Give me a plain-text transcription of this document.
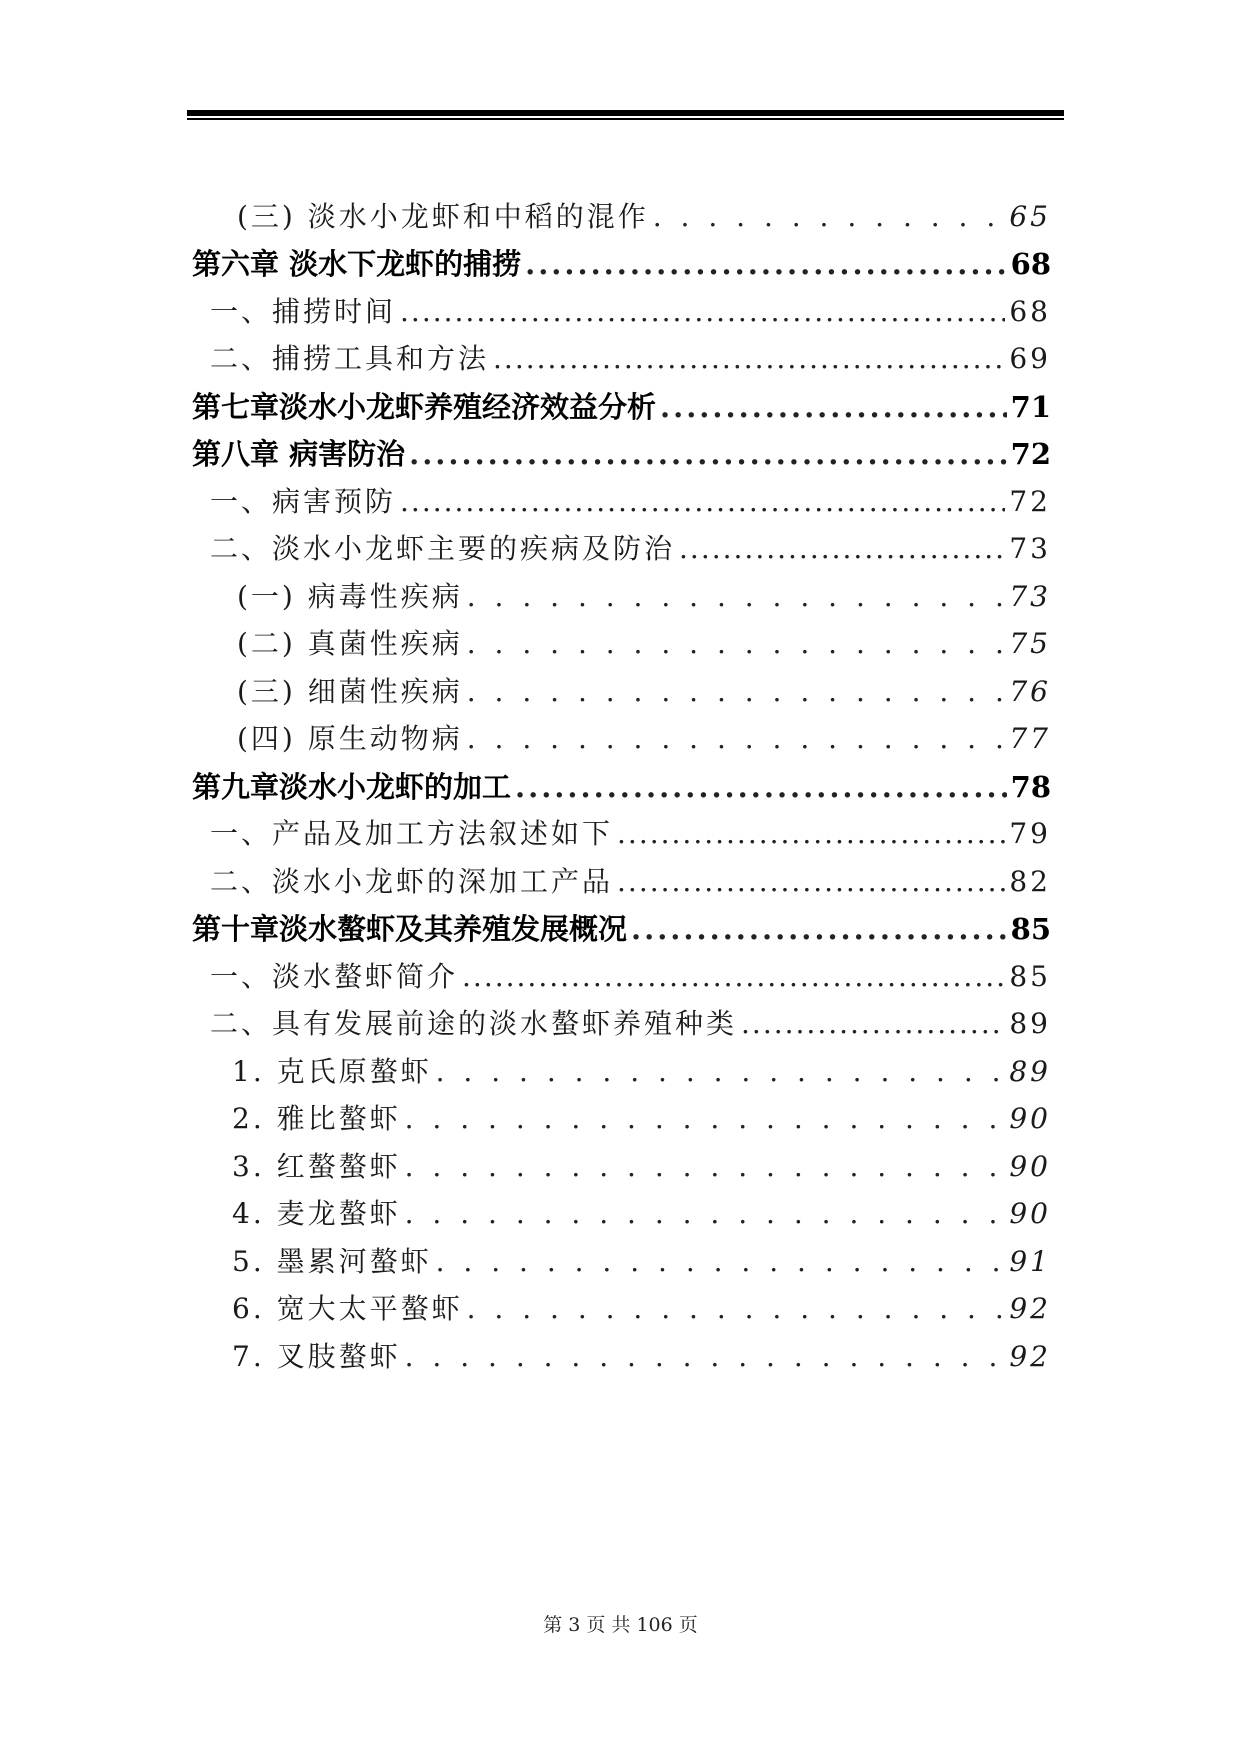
(三) 淡水小龙虾和中稻的混作 . . .	65
第六章 淡水下龙虾的捕捞 .....	68
一、捕捞时间 .....	68
二、捕捞工具和方法 .....	69
第七章淡水小龙虾养殖经济效益分析 .....	71
第八章 病害防治 .....	72
一、病害预防 .....	72
二、淡水小龙虾主要的疾病及防治 .....	73
(一) 病毒性疾病 . . .	73
(二) 真菌性疾病 . . .	75
(三) 细菌性疾病 . . .	76
(四) 原生动物病 . . .	77
第九章淡水小龙虾的加工 .....	78
一、产品及加工方法叙述如下 .....	79
二、淡水小龙虾的深加工产品 .....	82
第十章淡水螯虾及其养殖发展概况 .....	85
一、淡水螯虾简介 .....	85
二、具有发展前途的淡水螯虾养殖种类 .....	89
1. 克氏原螯虾 . . .	89
2. 雅比螯虾 . . .	90
3. 红螯螯虾 . . .	90
4. 麦龙螯虾 . . .	90
5. 墨累河螯虾 . . .	91
6. 宽大太平螯虾 . . .	92
7. 叉肢螯虾 . . .	92
第 3 页 共 106 页
